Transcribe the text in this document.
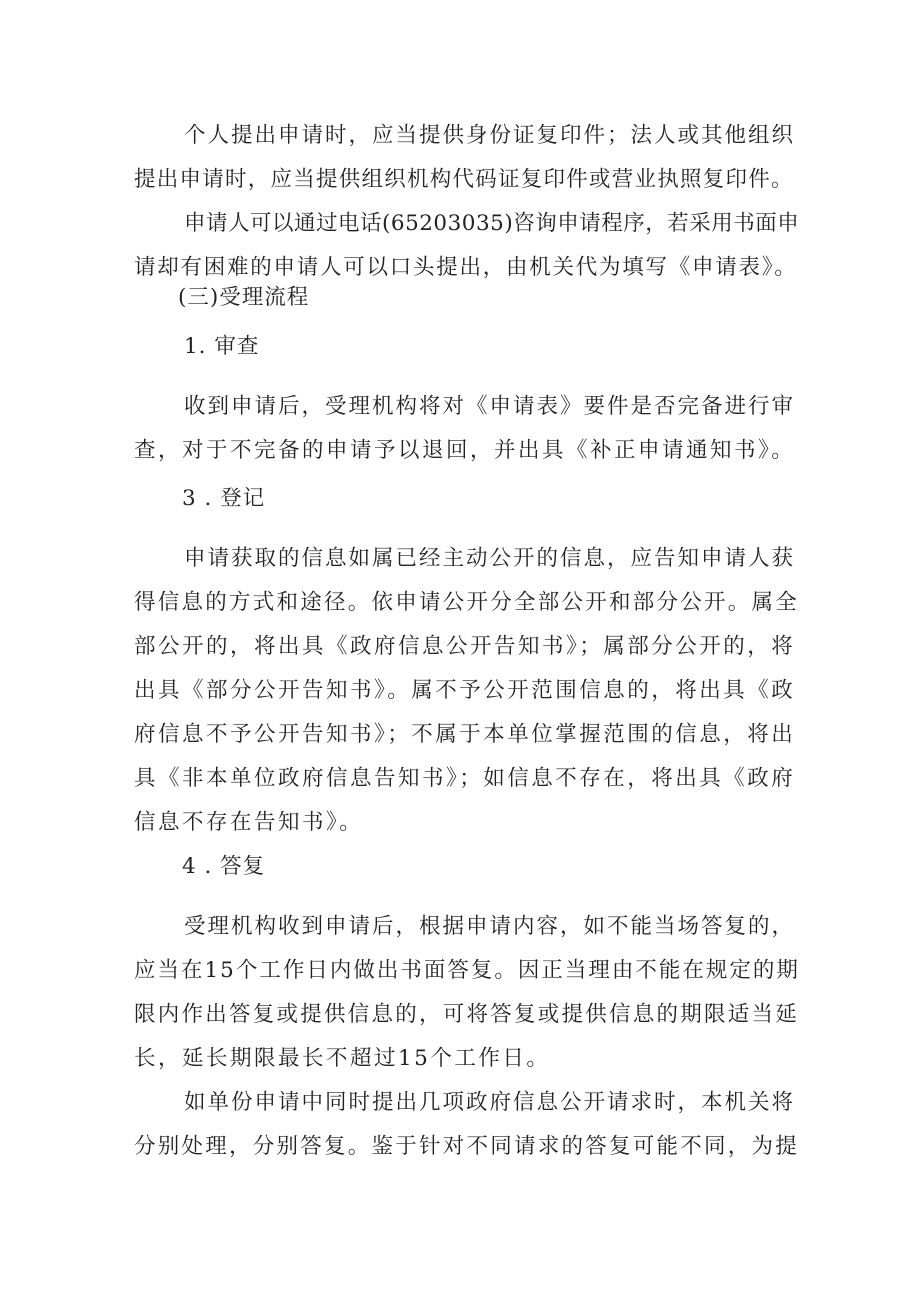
个人提出申请时，应当提供身份证复印件；法人或其他组织
提出申请时，应当提供组织机构代码证复印件或营业执照复印件。
申请人可以通过电话(65203035)咨询申请程序，若采用书面申
请却有困难的申请人可以口头提出，由机关代为填写《申请表》。
(三)受理流程
1. 审查
收到申请后，受理机构将对《申请表》要件是否完备进行审
查，对于不完备的申请予以退回，并出具《补正申请通知书》。
3 . 登记
申请获取的信息如属已经主动公开的信息，应告知申请人获
得信息的方式和途径。依申请公开分全部公开和部分公开。属全
部公开的，将出具《政府信息公开告知书》；属部分公开的，将
出具《部分公开告知书》。属不予公开范围信息的，将出具《政
府信息不予公开告知书》；不属于本单位掌握范围的信息，将出
具《非本单位政府信息告知书》；如信息不存在，将出具《政府
信息不存在告知书》。
4 . 答复
受理机构收到申请后，根据申请内容，如不能当场答复的，
应当在15个工作日内做出书面答复。因正当理由不能在规定的期
限内作出答复或提供信息的，可将答复或提供信息的期限适当延
长，延长期限最长不超过15个工作日。
如单份申请中同时提出几项政府信息公开请求时，本机关将
分别处理，分别答复。鉴于针对不同请求的答复可能不同，为提
